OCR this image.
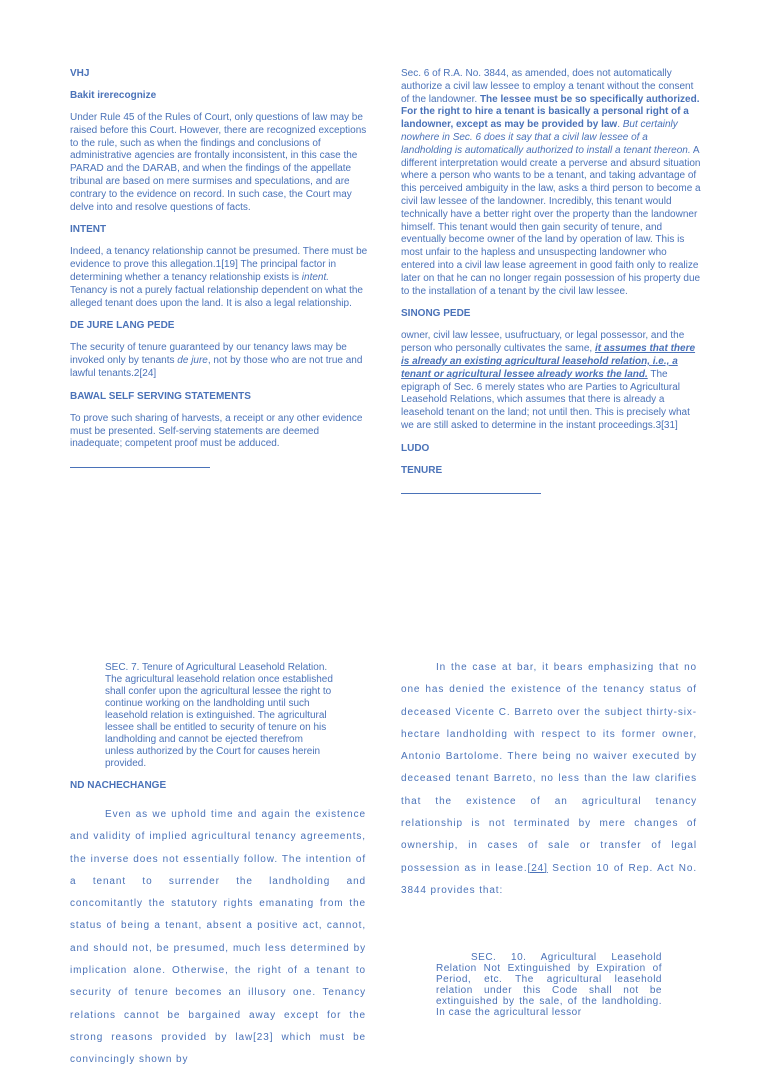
VHJ

Bakit irerecognize

Under Rule 45 of the Rules of Court, only questions of law may be raised before this Court. However, there are recognized exceptions to the rule, such as when the findings and conclusions of administrative agencies are frontally inconsistent, in this case the PARAD and the DARAB, and when the findings of the appellate tribunal are based on mere surmises and speculations, and are contrary to the evidence on record. In such case, the Court may delve into and resolve questions of facts.

INTENT

Indeed, a tenancy relationship cannot be presumed. There must be evidence to prove this allegation.1[19] The principal factor in determining whether a tenancy relationship exists is intent. Tenancy is not a purely factual relationship dependent on what the alleged tenant does upon the land. It is also a legal relationship.

DE JURE LANG PEDE

The security of tenure guaranteed by our tenancy laws may be invoked only by tenants de jure, not by those who are not true and lawful tenants.2[24]

BAWAL SELF SERVING STATEMENTS

To prove such sharing of harvests, a receipt or any other evidence must be presented. Self-serving statements are deemed inadequate; competent proof must be adduced.

Sec. 6 of R.A. No. 3844, as amended, does not automatically authorize a civil law lessee to employ a tenant without the consent of the landowner. The lessee must be so specifically authorized. For the right to hire a tenant is basically a personal right of a landowner, except as may be provided by law. But certainly nowhere in Sec. 6 does it say that a civil law lessee of a landholding is automatically authorized to install a tenant thereon. A different interpretation would create a perverse and absurd situation where a person who wants to be a tenant, and taking advantage of this perceived ambiguity in the law, asks a third person to become a civil law lessee of the landowner. Incredibly, this tenant would technically have a better right over the property than the landowner himself. This tenant would then gain security of tenure, and eventually become owner of the land by operation of law. This is most unfair to the hapless and unsuspecting landowner who entered into a civil law lease agreement in good faith only to realize later on that he can no longer regain possession of his property due to the installation of a tenant by the civil law lessee.

SINONG PEDE

owner, civil law lessee, usufructuary, or legal possessor, and the person who personally cultivates the same, it assumes that there is already an existing agricultural leasehold relation, i.e., a tenant or agricultural lessee already works the land. The epigraph of Sec. 6 merely states who are Parties to Agricultural Leasehold Relations, which assumes that there is already a leasehold tenant on the land; not until then. This is precisely what we are still asked to determine in the instant proceedings.3[31]

LUDO

TENURE

SEC. 7. Tenure of Agricultural Leasehold Relation. The agricultural leasehold relation once established shall confer upon the agricultural lessee the right to continue working on the landholding until such leasehold relation is extinguished. The agricultural lessee shall be entitled to security of tenure on his landholding and cannot be ejected therefrom unless authorized by the Court for causes herein provided.

ND NACHECHANGE

Even as we uphold time and again the existence and validity of implied agricultural tenancy agreements, the inverse does not essentially follow. The intention of a tenant to surrender the landholding and concomitantly the statutory rights emanating from the status of being a tenant, absent a positive act, cannot, and should not, be presumed, much less determined by implication alone. Otherwise, the right of a tenant to security of tenure becomes an illusory one. Tenancy relations cannot be bargained away except for the strong reasons provided by law[23] which must be convincingly shown by

In the case at bar, it bears emphasizing that no one has denied the existence of the tenancy status of deceased Vicente C. Barreto over the subject thirty-six-hectare landholding with respect to its former owner, Antonio Bartolome. There being no waiver executed by deceased tenant Barreto, no less than the law clarifies that the existence of an agricultural tenancy relationship is not terminated by mere changes of ownership, in cases of sale or transfer of legal possession as in lease.[24] Section 10 of Rep. Act No. 3844 provides that:

SEC. 10. Agricultural Leasehold Relation Not Extinguished by Expiration of Period, etc. The agricultural leasehold relation under this Code shall not be extinguished by the sale, of the landholding. In case the agricultural lessor
